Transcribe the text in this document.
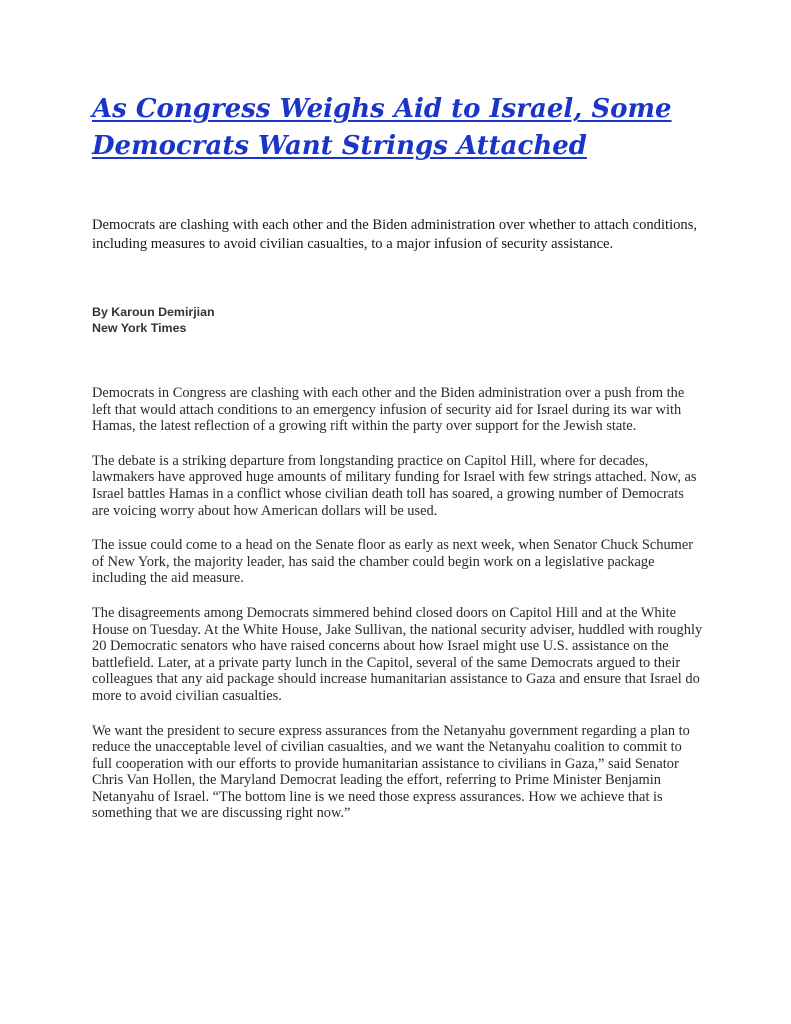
As Congress Weighs Aid to Israel, Some Democrats Want Strings Attached

Democrats are clashing with each other and the Biden administration over whether to attach conditions, including measures to avoid civilian casualties, to a major infusion of security assistance.

By Karoun Demirjian
New York Times

Democrats in Congress are clashing with each other and the Biden administration over a push from the left that would attach conditions to an emergency infusion of security aid for Israel during its war with Hamas, the latest reflection of a growing rift within the party over support for the Jewish state.

The debate is a striking departure from longstanding practice on Capitol Hill, where for decades, lawmakers have approved huge amounts of military funding for Israel with few strings attached. Now, as Israel battles Hamas in a conflict whose civilian death toll has soared, a growing number of Democrats are voicing worry about how American dollars will be used.

The issue could come to a head on the Senate floor as early as next week, when Senator Chuck Schumer of New York, the majority leader, has said the chamber could begin work on a legislative package including the aid measure.

The disagreements among Democrats simmered behind closed doors on Capitol Hill and at the White House on Tuesday. At the White House, Jake Sullivan, the national security adviser, huddled with roughly 20 Democratic senators who have raised concerns about how Israel might use U.S. assistance on the battlefield. Later, at a private party lunch in the Capitol, several of the same Democrats argued to their colleagues that any aid package should increase humanitarian assistance to Gaza and ensure that Israel do more to avoid civilian casualties.

We want the president to secure express assurances from the Netanyahu government regarding a plan to reduce the unacceptable level of civilian casualties, and we want the Netanyahu coalition to commit to full cooperation with our efforts to provide humanitarian assistance to civilians in Gaza,” said Senator Chris Van Hollen, the Maryland Democrat leading the effort, referring to Prime Minister Benjamin Netanyahu of Israel. “The bottom line is we need those express assurances. How we achieve that is something that we are discussing right now.”
